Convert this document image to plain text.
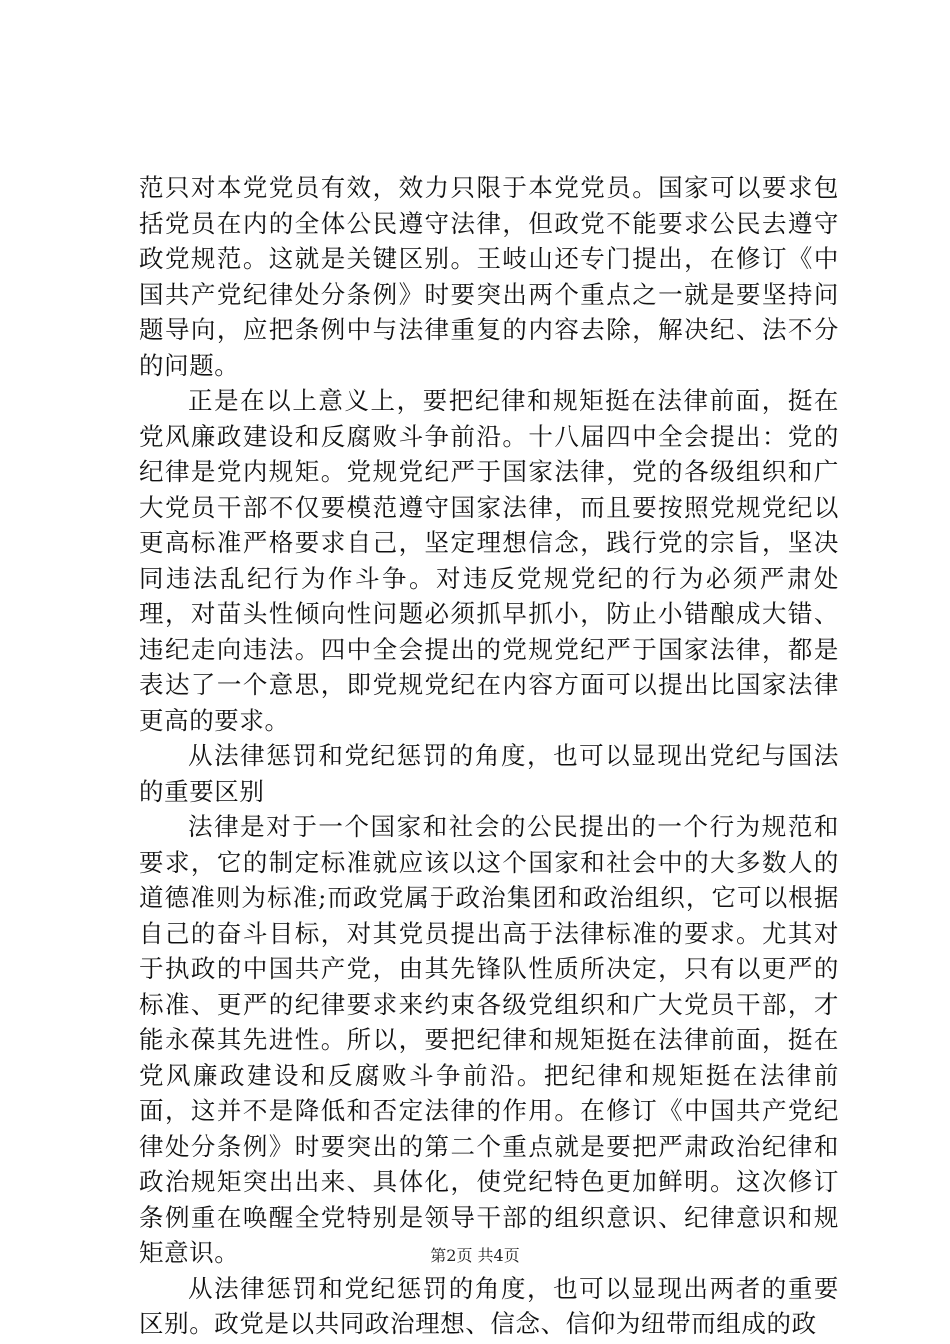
范只对本党党员有效，效力只限于本党党员。国家可以要求包括党员在内的全体公民遵守法律，但政党不能要求公民去遵守政党规范。这就是关键区别。王岐山还专门提出，在修订《中国共产党纪律处分条例》时要突出两个重点之一就是要坚持问题导向，应把条例中与法律重复的内容去除，解决纪、法不分的问题。

正是在以上意义上，要把纪律和规矩挺在法律前面，挺在党风廉政建设和反腐败斗争前沿。十八届四中全会提出：党的纪律是党内规矩。党规党纪严于国家法律，党的各级组织和广大党员干部不仅要模范遵守国家法律，而且要按照党规党纪以更高标准严格要求自己，坚定理想信念，践行党的宗旨，坚决同违法乱纪行为作斗争。对违反党规党纪的行为必须严肃处理，对苗头性倾向性问题必须抓早抓小，防止小错酿成大错、违纪走向违法。四中全会提出的党规党纪严于国家法律，都是表达了一个意思，即党规党纪在内容方面可以提出比国家法律更高的要求。

从法律惩罚和党纪惩罚的角度，也可以显现出党纪与国法的重要区别

法律是对于一个国家和社会的公民提出的一个行为规范和要求，它的制定标准就应该以这个国家和社会中的大多数人的道德准则为标准;而政党属于政治集团和政治组织，它可以根据自己的奋斗目标，对其党员提出高于法律标准的要求。尤其对于执政的中国共产党，由其先锋队性质所决定，只有以更严的标准、更严的纪律要求来约束各级党组织和广大党员干部，才能永葆其先进性。所以，要把纪律和规矩挺在法律前面，挺在党风廉政建设和反腐败斗争前沿。把纪律和规矩挺在法律前面，这并不是降低和否定法律的作用。在修订《中国共产党纪律处分条例》时要突出的第二个重点就是要把严肃政治纪律和政治规矩突出出来、具体化，使党纪特色更加鲜明。这次修订条例重在唤醒全党特别是领导干部的组织意识、纪律意识和规矩意识。

从法律惩罚和党纪惩罚的角度，也可以显现出两者的重要区别。政党是以共同政治理想、信念、信仰为纽带而组成的政

第2页 共4页
